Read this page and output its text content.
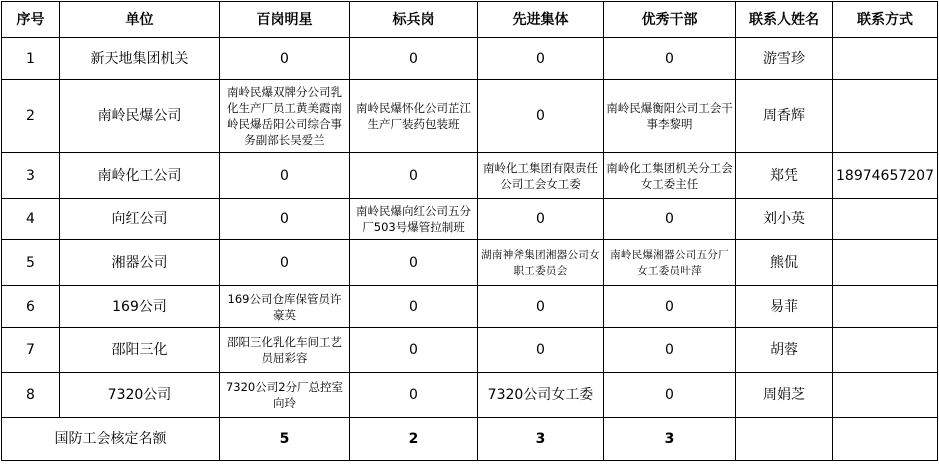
序号	单位	百岗明星	标兵岗	先进集体	优秀干部	联系人姓名	联系方式
1	新天地集团机关	0	0	0	0	游雪珍	
2	南岭民爆公司	南岭民爆双牌分公司乳化生产厂员工黄美霞南岭民爆岳阳公司综合事务副部长吴爱兰	南岭民爆怀化公司芷江生产厂装药包装班	0	南岭民爆衡阳公司工会干事李黎明	周香辉	
3	南岭化工公司	0	0	南岭化工集团有限责任公司工会女工委	南岭化工集团机关分工会女工委主任	郑凭	18974657207
4	向红公司	0	南岭民爆向红公司五分厂503号爆管拉制班	0	0	刘小英	
5	湘器公司	0	0	湖南神斧集团湘器公司女职工委员会	南岭民爆湘器公司五分厂女工委员叶萍	熊侃	
6	169公司	169公司仓库保管员许豪英	0	0	0	易菲	
7	邵阳三化	邵阳三化乳化车间工艺员屈彩容	0	0	0	胡蓉	
8	7320公司	7320公司2分厂总控室向玲	0	7320公司女工委	0	周娟芝	
国防工会核定名额		5	2	3	3		
